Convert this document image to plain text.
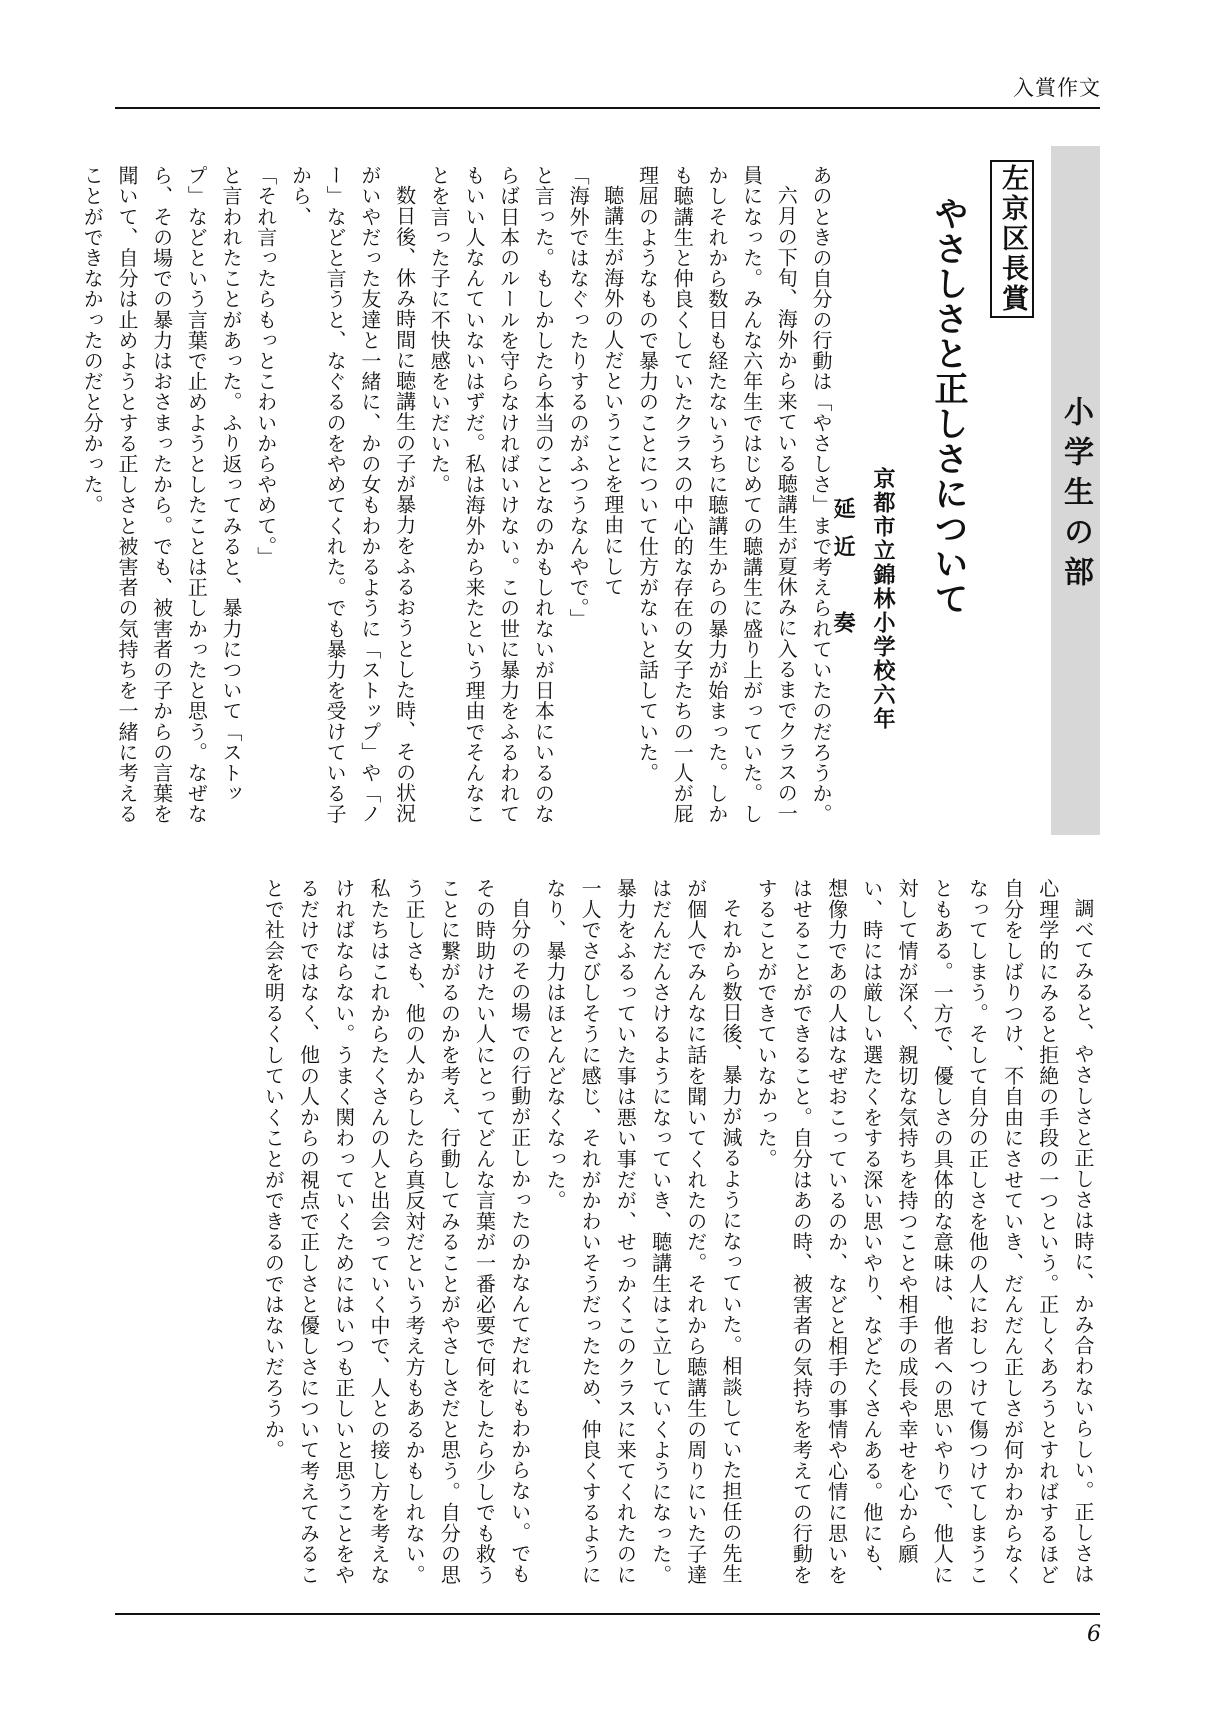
入賞作文
小学生の部
左京区長賞
やさしさと正しさについて
京都市立錦林小学校六年延近　奏

あのときの自分の行動は「やさしさ」まで考えられていたのだろうか。

六月の下旬、海外から来ている聴講生が夏休みに入るまでクラスの一員になった。みんな六年生ではじめての聴講生に盛り上がっていた。しかしそれから数日も経たないうちに聴講生からの暴力が始まった。しかも聴講生と仲良くしていたクラスの中心的な存在の女子たちの一人が屁理屈のようなもので暴力のことについて仕方がないと話していた。

聴講生が海外の人だということを理由にして

「海外ではなぐったりするのがふつうなんやで。」

と言った。もしかしたら本当のことなのかもしれないが日本にいるのならば日本のルールを守らなければいけない。この世に暴力をふるわれてもいい人なんていないはずだ。私は海外から来たという理由でそんなことを言った子に不快感をいだいた。

数日後、休み時間に聴講生の子が暴力をふるおうとした時、その状況がいやだった友達と一緒に、かの女もわかるように「ストップ」や「ノー」などと言うと、なぐるのをやめてくれた。でも暴力を受けている子から、

「それ言ったらもっとこわいからやめて。」

と言われたことがあった。ふり返ってみると、暴力について「ストップ」などという言葉で止めようとしたことは正しかったと思う。なぜなら、その場での暴力はおさまったから。でも、被害者の子からの言葉を聞いて、自分は止めようとする正しさと被害者の気持ちを一緒に考えることができなかったのだと分かった。

調べてみると、やさしさと正しさは時に、かみ合わないらしい。正しさは心理学的にみると拒絶の手段の一つという。正しくあろうとすればするほど自分をしばりつけ、不自由にさせていき、だんだん正しさが何かわからなくなってしまう。そして自分の正しさを他の人におしつけて傷つけてしまうこともある。一方で、優しさの具体的な意味は、他者への思いやりで、他人に対して情が深く、親切な気持ちを持つことや相手の成長や幸せを心から願い、時には厳しい選たくをする深い思いやり、などたくさんある。他にも、想像力であの人はなぜおこっているのか、などと相手の事情や心情に思いをはせることができること。自分はあの時、被害者の気持ちを考えての行動をすることができていなかった。

それから数日後、暴力が減るようになっていた。相談していた担任の先生が個人でみんなに話を聞いてくれたのだ。それから聴講生の周りにいた子達はだんだんさけるようになっていき、聴講生はこ立していくようになった。暴力をふるっていた事は悪い事だが、せっかくこのクラスに来てくれたのに一人でさびしそうに感じ、それがかわいそうだったため、仲良くするようになり、暴力はほとんどなくなった。

自分のその場での行動が正しかったのかなんてだれにもわからない。でもその時助けたい人にとってどんな言葉が一番必要で何をしたら少しでも救うことに繋がるのかを考え、行動してみることがやさしさだと思う。自分の思う正しさも、他の人からしたら真反対だという考え方もあるかもしれない。私たちはこれからたくさんの人と出会っていく中で、人との接し方を考えなければならない。うまく関わっていくためにはいつも正しいと思うことをやるだけではなく、他の人からの視点で正しさと優しさについて考えてみることで社会を明るくしていくことができるのではないだろうか。

6
